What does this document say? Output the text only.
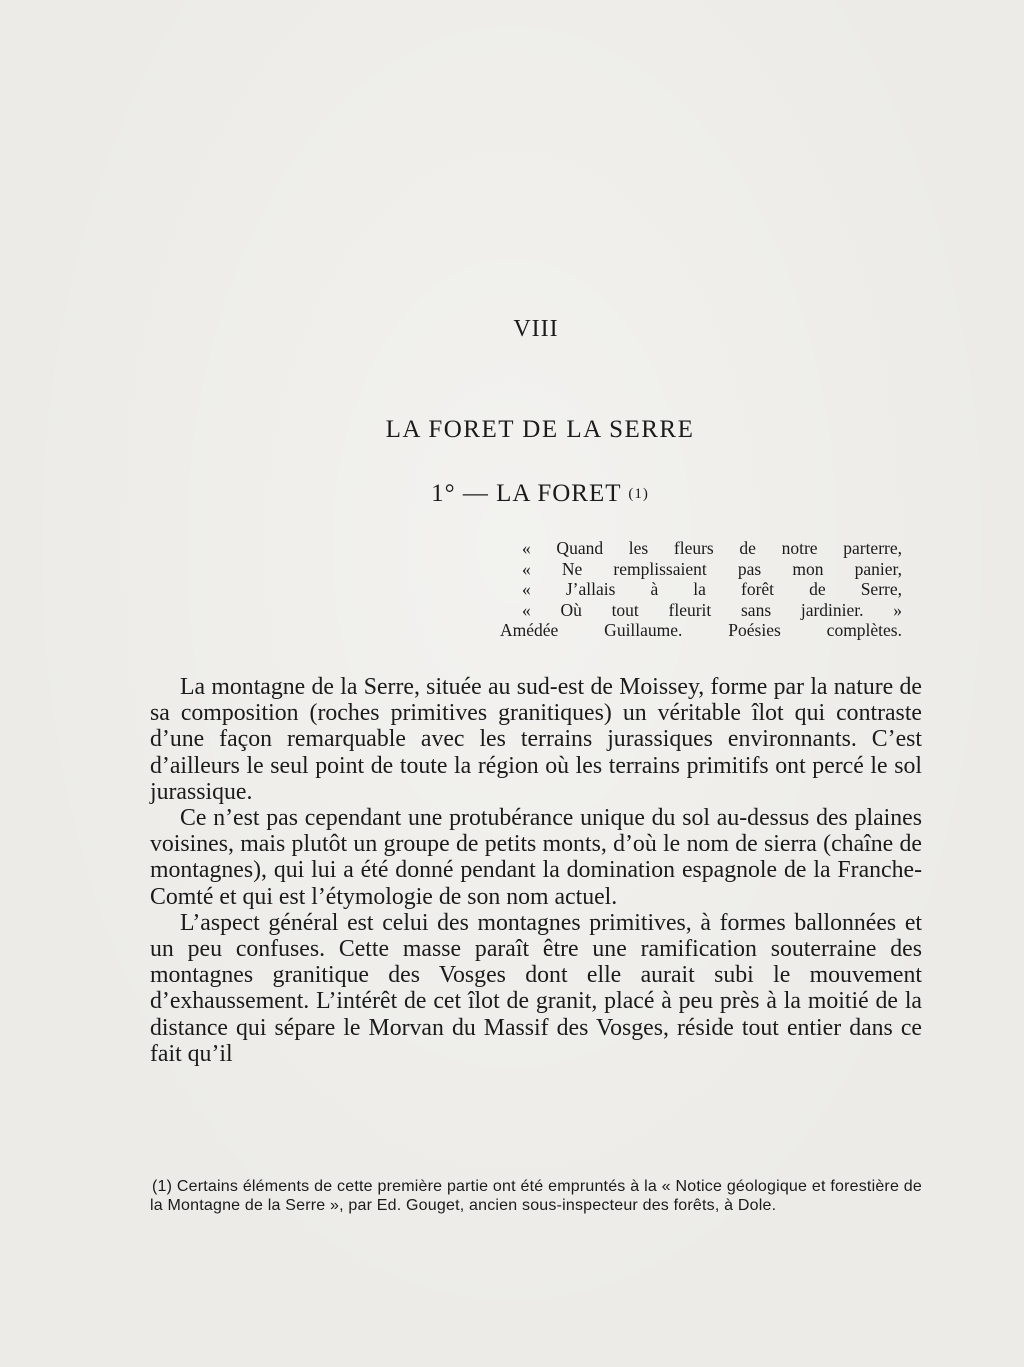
VIII
LA FORET DE LA SERRE
1° — LA FORET (1)
« Quand les fleurs de notre parterre,
« Ne remplissaient pas mon panier,
« J’allais à la forêt de Serre,
« Où tout fleurit sans jardinier. »
Amédée Guillaume. Poésies complètes.

La montagne de la Serre, située au sud-est de Moissey, forme par la nature de sa composition (roches primitives granitiques) un véritable îlot qui contraste d’une façon remarquable avec les terrains jurassiques environnants. C’est d’ailleurs le seul point de toute la région où les terrains primitifs ont percé le sol jurassique.

Ce n’est pas cependant une protubérance unique du sol au-dessus des plaines voisines, mais plutôt un groupe de petits monts, d’où le nom de sierra (chaîne de montagnes), qui lui a été donné pendant la domination espagnole de la Franche-Comté et qui est l’étymologie de son nom actuel.

L’aspect général est celui des montagnes primitives, à formes ballonnées et un peu confuses. Cette masse paraît être une ramification souterraine des montagnes granitique des Vosges dont elle aurait subi le mouvement d’exhaussement. L’intérêt de cet îlot de granit, placé à peu près à la moitié de la distance qui sépare le Morvan du Massif des Vosges, réside tout entier dans ce fait qu’il

(1) Certains éléments de cette première partie ont été empruntés à la « Notice géologique et forestière de la Montagne de la Serre », par Ed. Gouget, ancien sous-inspecteur des forêts, à Dole.
